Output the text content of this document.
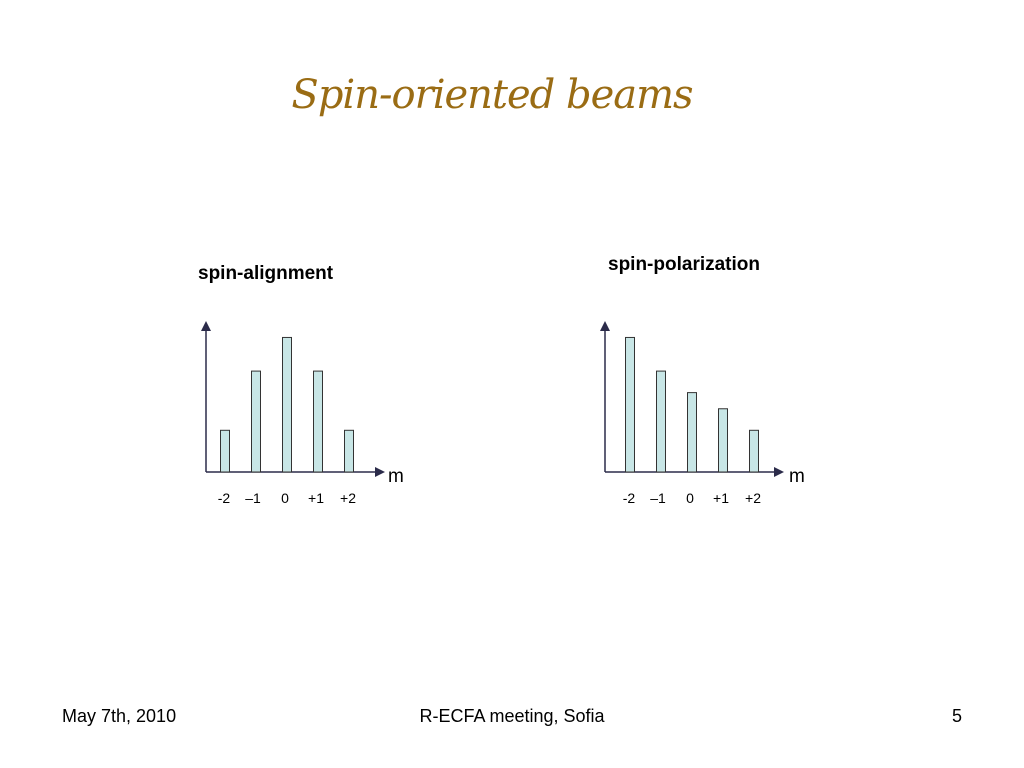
Spin-oriented beams
spin-alignment
m
-2 –1 0 +1 +2
spin-polarization
m
-2 –1 0 +1 +2
May 7th, 2010	R-ECFA meeting, Sofia	5
